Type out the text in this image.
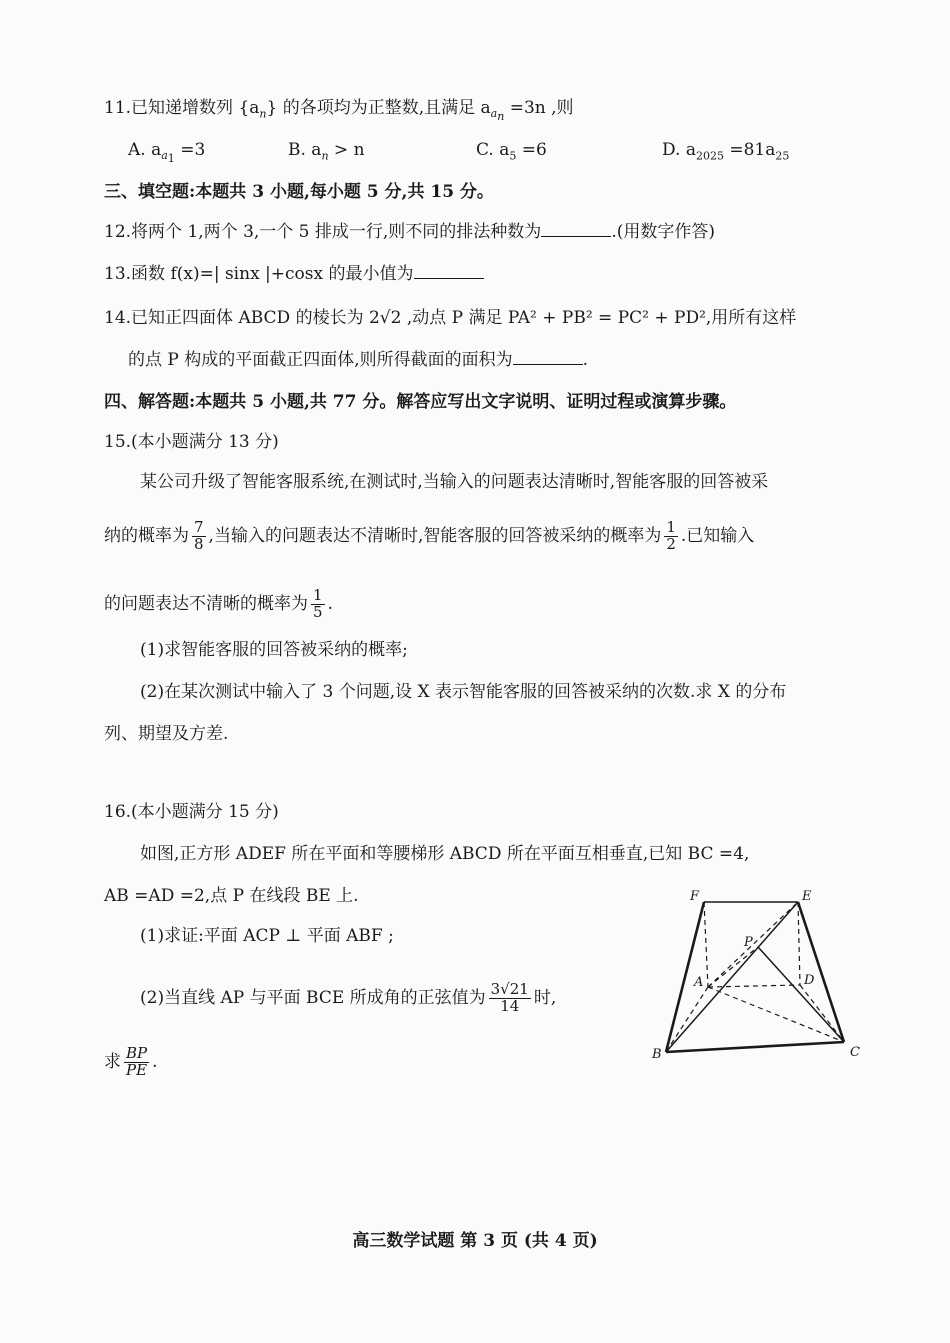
11.已知递增数列 $\{a_n\}$ 的各项均为正整数,且满足 $a_{a_n} =3n$ ,则
A. $a_{a_1} =3$	B. $a_n > n$	C. $a_5 =6$	D. $a_{2025} =81a_{25}$
三、填空题:本题共 3 小题,每小题 5 分,共 15 分。
12.将两个 1,两个 3,一个 5 排成一行,则不同的排法种数为	.(用数字作答)
13.函数 f(x)=| sinx |+cosx 的最小值为
14.已知正四面体 ABCD 的棱长为 2√2 ,动点 P 满足 PA² + PB² = PC² + PD²,用所有这样
的点 P 构成的平面截正四面体,则所得截面的面积为	.
四、解答题:本题共 5 小题,共 77 分。解答应写出文字说明、证明过程或演算步骤。
15.(本小题满分 13 分)
某公司升级了智能客服系统,在测试时,当输入的问题表达清晰时,智能客服的回答被采
纳的概率为 $\frac{7}{8}$ ,当输入的问题表达不清晰时,智能客服的回答被采纳的概率为 $\frac{1}{2}$ .已知输入
的问题表达不清晰的概率为 $\frac{1}{5}$ .
(1)求智能客服的回答被采纳的概率;
(2)在某次测试中输入了 3 个问题,设 X 表示智能客服的回答被采纳的次数.求 X 的分布
列、期望及方差.
16.(本小题满分 15 分)
如图,正方形 ADEF 所在平面和等腰梯形 ABCD 所在平面互相垂直,已知 BC =4,
AB =AD =2,点 P 在线段 BE 上.
(1)求证:平面 ACP ⊥ 平面 ABF ;
(2)当直线 AP 与平面 BCE 所成角的正弦值为 $\frac{3√21}{14}$ 时,
求 $\frac{BP}{PE}$ .
F	E
P
A	D
B	C
高三数学试题 第 3 页 (共 4 页)
